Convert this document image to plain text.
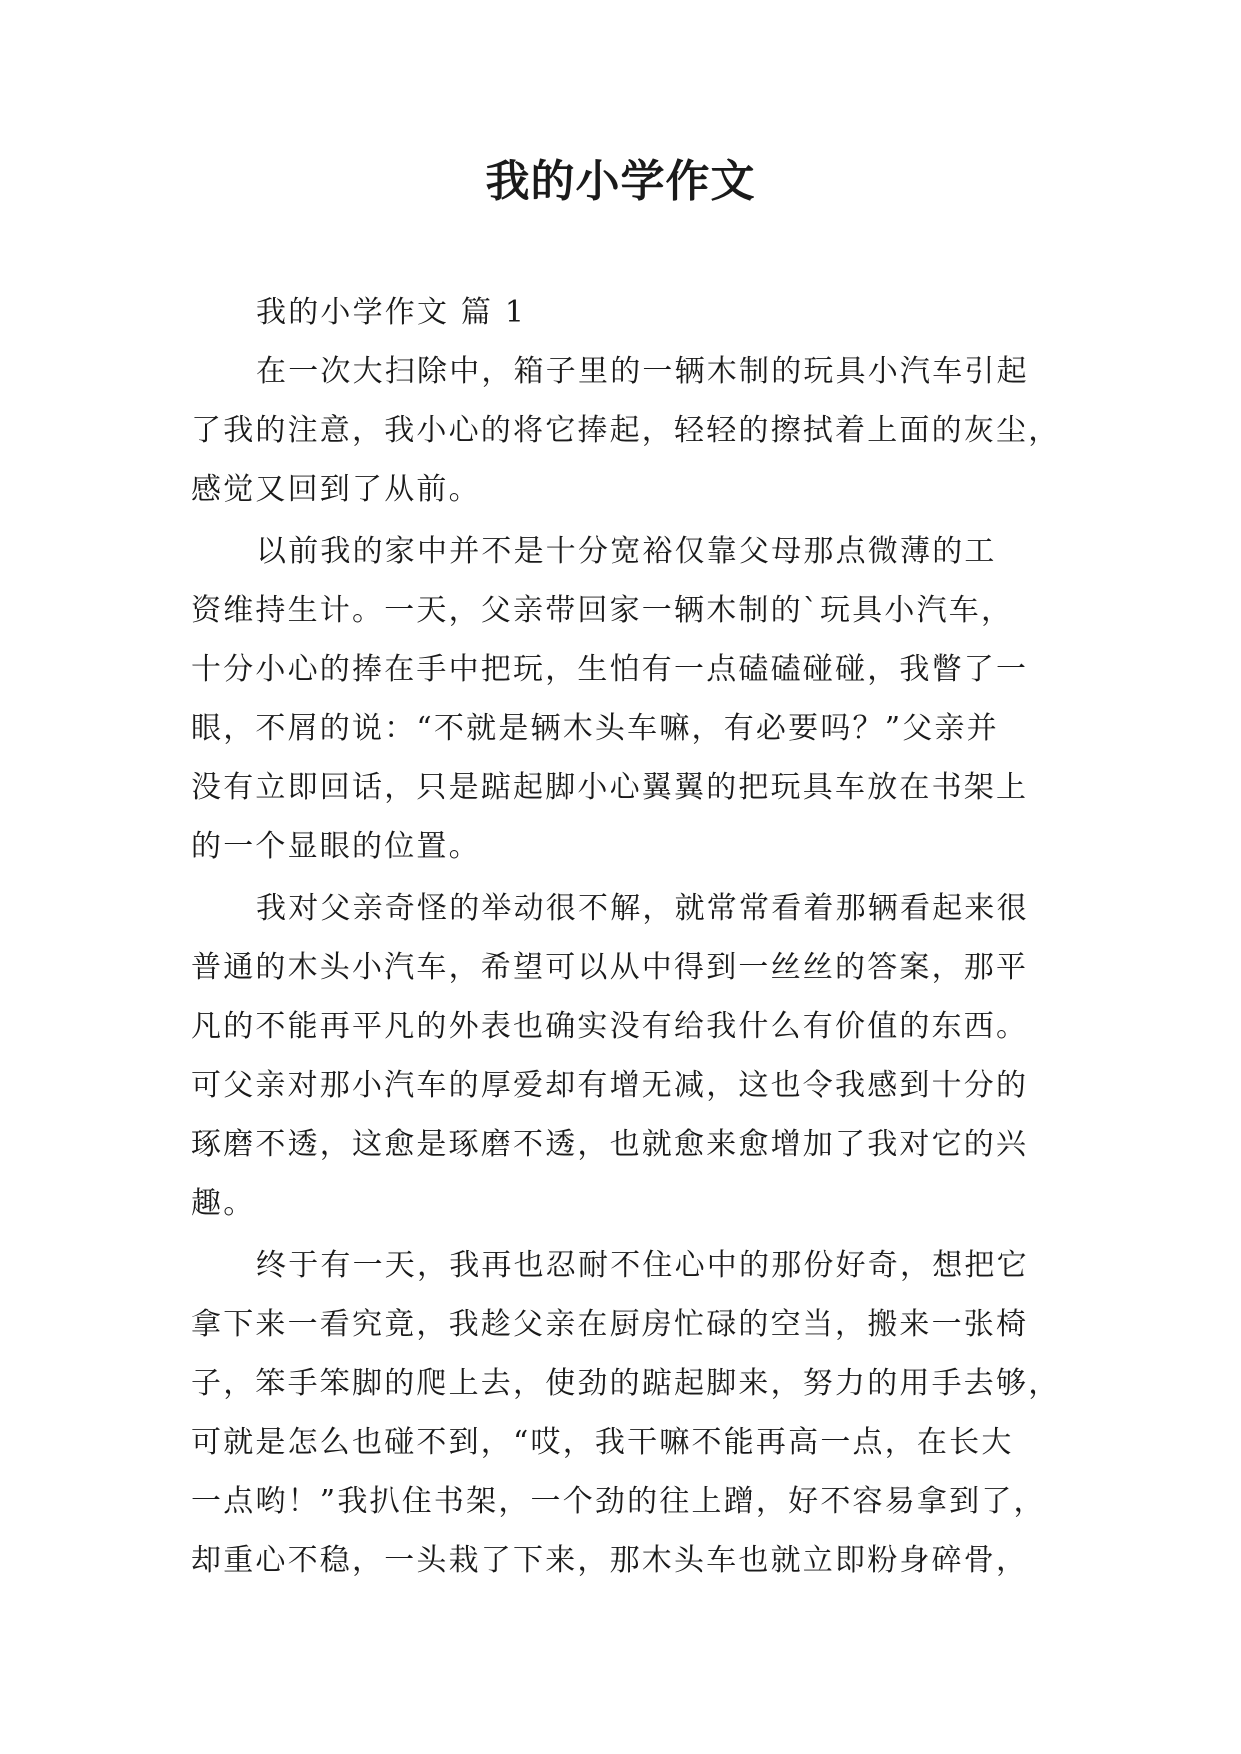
我的小学作文
我的小学作文 篇 1
在一次大扫除中，箱子里的一辆木制的玩具小汽车引起
了我的注意，我小心的将它捧起，轻轻的擦拭着上面的灰尘，
感觉又回到了从前。
以前我的家中并不是十分宽裕仅靠父母那点微薄的工
资维持生计。一天，父亲带回家一辆木制的`玩具小汽车，
十分小心的捧在手中把玩，生怕有一点磕磕碰碰，我瞥了一
眼，不屑的说：“不就是辆木头车嘛，有必要吗？”父亲并
没有立即回话，只是踮起脚小心翼翼的把玩具车放在书架上
的一个显眼的位置。
我对父亲奇怪的举动很不解，就常常看着那辆看起来很
普通的木头小汽车，希望可以从中得到一丝丝的答案，那平
凡的不能再平凡的外表也确实没有给我什么有价值的东西。
可父亲对那小汽车的厚爱却有增无减，这也令我感到十分的
琢磨不透，这愈是琢磨不透，也就愈来愈增加了我对它的兴
趣。
终于有一天，我再也忍耐不住心中的那份好奇，想把它
拿下来一看究竟，我趁父亲在厨房忙碌的空当，搬来一张椅
子，笨手笨脚的爬上去，使劲的踮起脚来，努力的用手去够，
可就是怎么也碰不到，“哎，我干嘛不能再高一点，在长大
一点哟！”我扒住书架，一个劲的往上蹭，好不容易拿到了，
却重心不稳，一头栽了下来，那木头车也就立即粉身碎骨，
